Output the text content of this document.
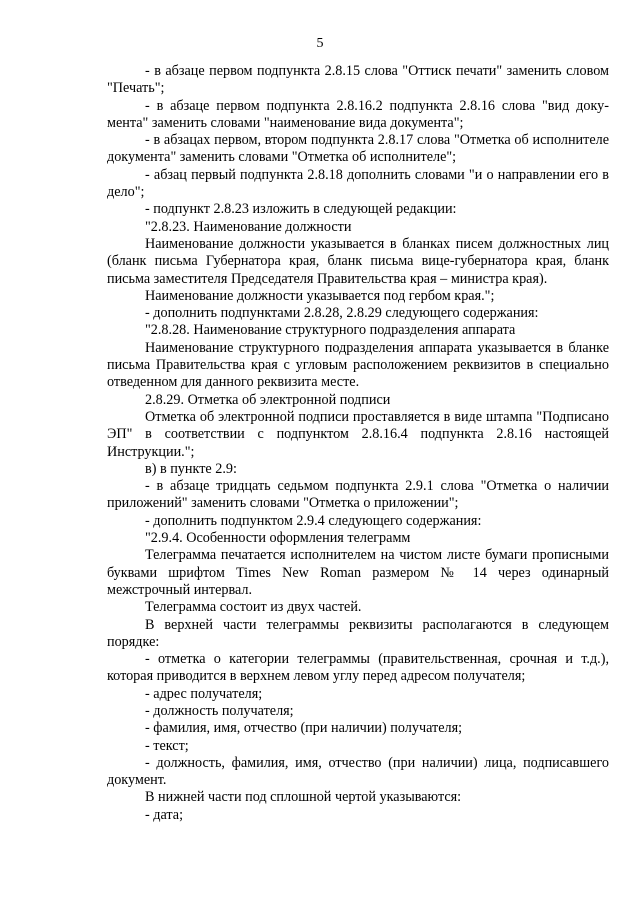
5

- в абзаце первом подпункта 2.8.15 слова "Оттиск печати" заменить словом "Печать";

- в абзаце первом подпункта 2.8.16.2 подпункта 2.8.16 слова "вид документа" заменить словами "наименование вида документа";

- в абзацах первом, втором подпункта 2.8.17 слова "Отметка об исполнителе документа" заменить словами "Отметка об исполнителе";

- абзац первый подпункта 2.8.18 дополнить словами "и о направлении его в дело";

- подпункт 2.8.23 изложить в следующей редакции:

"2.8.23. Наименование должности

Наименование должности указывается в бланках писем должностных лиц (бланк письма Губернатора края, бланк письма вице-губернатора края, бланк письма заместителя Председателя Правительства края – министра края).

Наименование должности указывается под гербом края.";

- дополнить подпунктами 2.8.28, 2.8.29 следующего содержания:

"2.8.28. Наименование структурного подразделения аппарата

Наименование структурного подразделения аппарата указывается в бланке письма Правительства края с угловым расположением реквизитов в специально отведенном для данного реквизита месте.

2.8.29. Отметка об электронной подписи

Отметка об электронной подписи проставляется в виде штампа "Подписано ЭП" в соответствии с подпунктом 2.8.16.4 подпункта 2.8.16 настоящей Инструкции.";

в) в пункте 2.9:

- в абзаце тридцать седьмом подпункта 2.9.1 слова "Отметка о наличии приложений" заменить словами "Отметка о приложении";

- дополнить подпунктом 2.9.4 следующего содержания:

"2.9.4. Особенности оформления телеграмм

Телеграмма печатается исполнителем на чистом листе бумаги прописными буквами шрифтом Times New Roman размером № 14 через одинарный межстрочный интервал.

Телеграмма состоит из двух частей.

В верхней части телеграммы реквизиты располагаются в следующем порядке:

- отметка о категории телеграммы (правительственная, срочная и т.д.), которая приводится в верхнем левом углу перед адресом получателя;

- адрес получателя;

- должность получателя;

- фамилия, имя, отчество (при наличии) получателя;

- текст;

- должность, фамилия, имя, отчество (при наличии) лица, подписавшего документ.

В нижней части под сплошной чертой указываются:

- дата;
